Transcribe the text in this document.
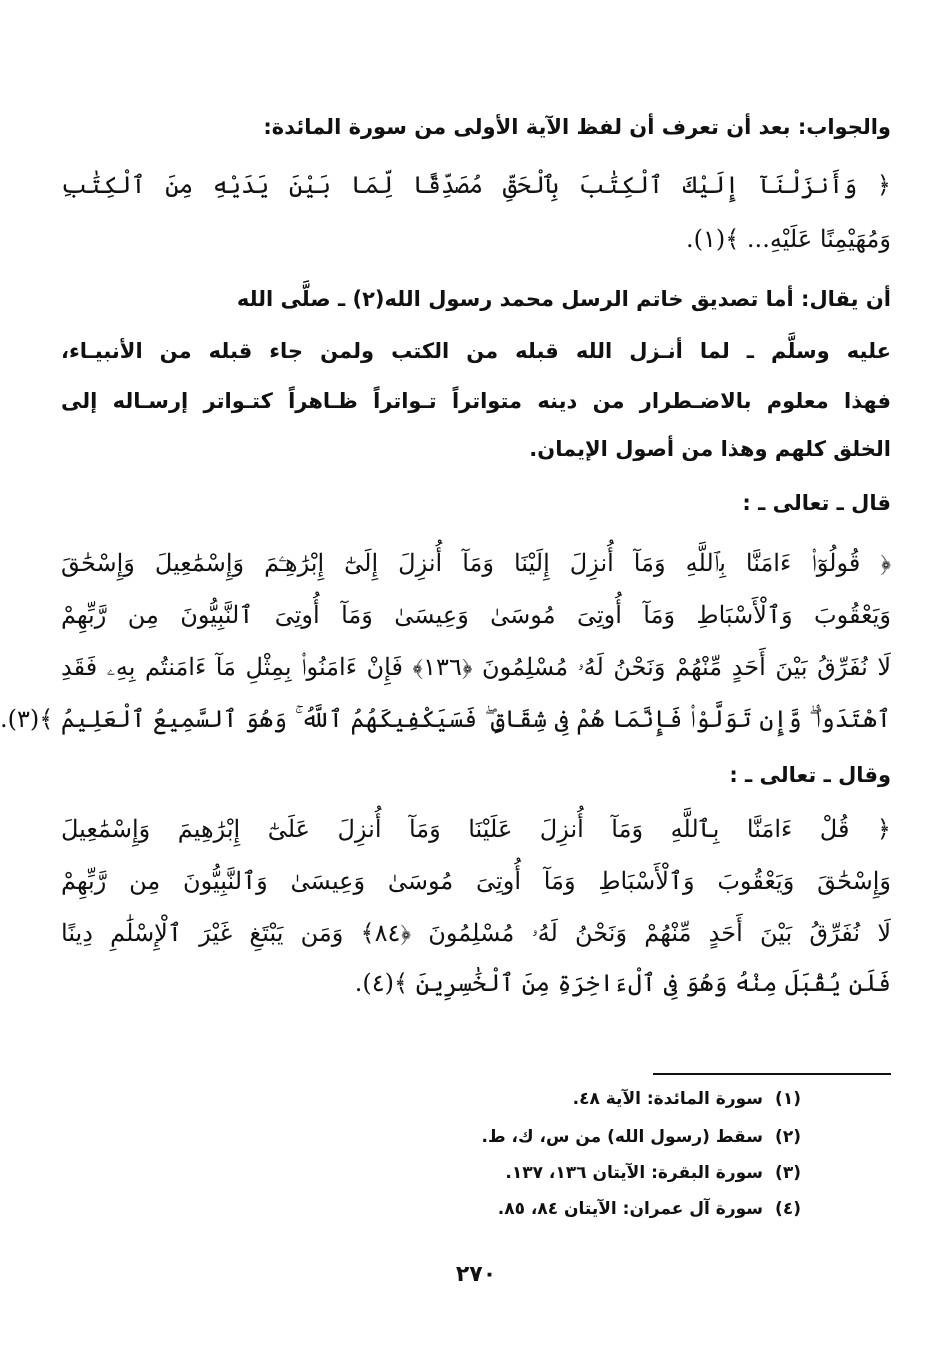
والجواب: بعد أن تعرف أن لفظ الآية الأولى من سورة المائدة:
﴿ وَأَنزَلْنَآ إِلَيْكَ ٱلْكِتَٰبَ بِٱلْحَقِّ مُصَدِّقًا لِّمَا بَيْنَ يَدَيْهِ مِنَ ٱلْكِتَٰبِ
وَمُهَيْمِنًا عَلَيْهِ... ﴾(١).
أن يقال: أما تصديق خاتم الرسل محمد رسول الله(٢) ـ صلَّى الله
عليه وسلَّم ـ لما أنـزل الله قبله من الكتب ولمن جاء قبله من الأنبيـاء،
فهذا معلوم بالاضـطرار من دينه متواتراً تـواتراً ظـاهراً كتـواتر إرسـاله إلى
الخلق كلهم وهذا من أصول الإيمان.
قال ـ تعالى ـ :
﴿ قُولُوٓا۟ ءَامَنَّا بِٱللَّهِ وَمَآ أُنزِلَ إِلَيْنَا وَمَآ أُنزِلَ إِلَىٰٓ إِبْرَٰهِـۧمَ وَإِسْمَٰعِيلَ وَإِسْحَٰقَ
وَيَعْقُوبَ وَٱلْأَسْبَاطِ وَمَآ أُوتِىَ مُوسَىٰ وَعِيسَىٰ وَمَآ أُوتِىَ ٱلنَّبِيُّونَ مِن رَّبِّهِمْ
لَا نُفَرِّقُ بَيْنَ أَحَدٍ مِّنْهُمْ وَنَحْنُ لَهُۥ مُسْلِمُونَ ﴿١٣٦﴾ فَإِنْ ءَامَنُوا۟ بِمِثْلِ مَآ ءَامَنتُم بِهِۦ فَقَدِ
ٱهْتَدَوا۟ ۖ وَّإِن تَوَلَّوْا۟ فَإِنَّمَا هُمْ فِى شِقَاقٍ ۖ فَسَيَكْفِيكَهُمُ ٱللَّهُ ۚ وَهُوَ ٱلسَّمِيعُ ٱلْعَلِيمُ ﴾(٣).
وقال ـ تعالى ـ :
﴿ قُلْ ءَامَنَّا بِٱللَّهِ وَمَآ أُنزِلَ عَلَيْنَا وَمَآ أُنزِلَ عَلَىٰٓ إِبْرَٰهِيمَ وَإِسْمَٰعِيلَ
وَإِسْحَٰقَ وَيَعْقُوبَ وَٱلْأَسْبَاطِ وَمَآ أُوتِىَ مُوسَىٰ وَعِيسَىٰ وَٱلنَّبِيُّونَ مِن رَّبِّهِمْ
لَا نُفَرِّقُ بَيْنَ أَحَدٍ مِّنْهُمْ وَنَحْنُ لَهُۥ مُسْلِمُونَ ﴿٨٤﴾ وَمَن يَبْتَغِ غَيْرَ ٱلْإِسْلَٰمِ دِينًا
فَلَن يُقْبَلَ مِنْهُ وَهُوَ فِى ٱلْءَاخِرَةِ مِنَ ٱلْخَٰسِرِينَ ﴾(٤).
(١)سورة المائدة: الآية ٤٨.
(٢)سقط (رسول الله) من س، ك، ط.
(٣)سورة البقرة: الآيتان ١٣٦، ١٣٧.
(٤)سورة آل عمران: الآيتان ٨٤، ٨٥.
٢٧٠
